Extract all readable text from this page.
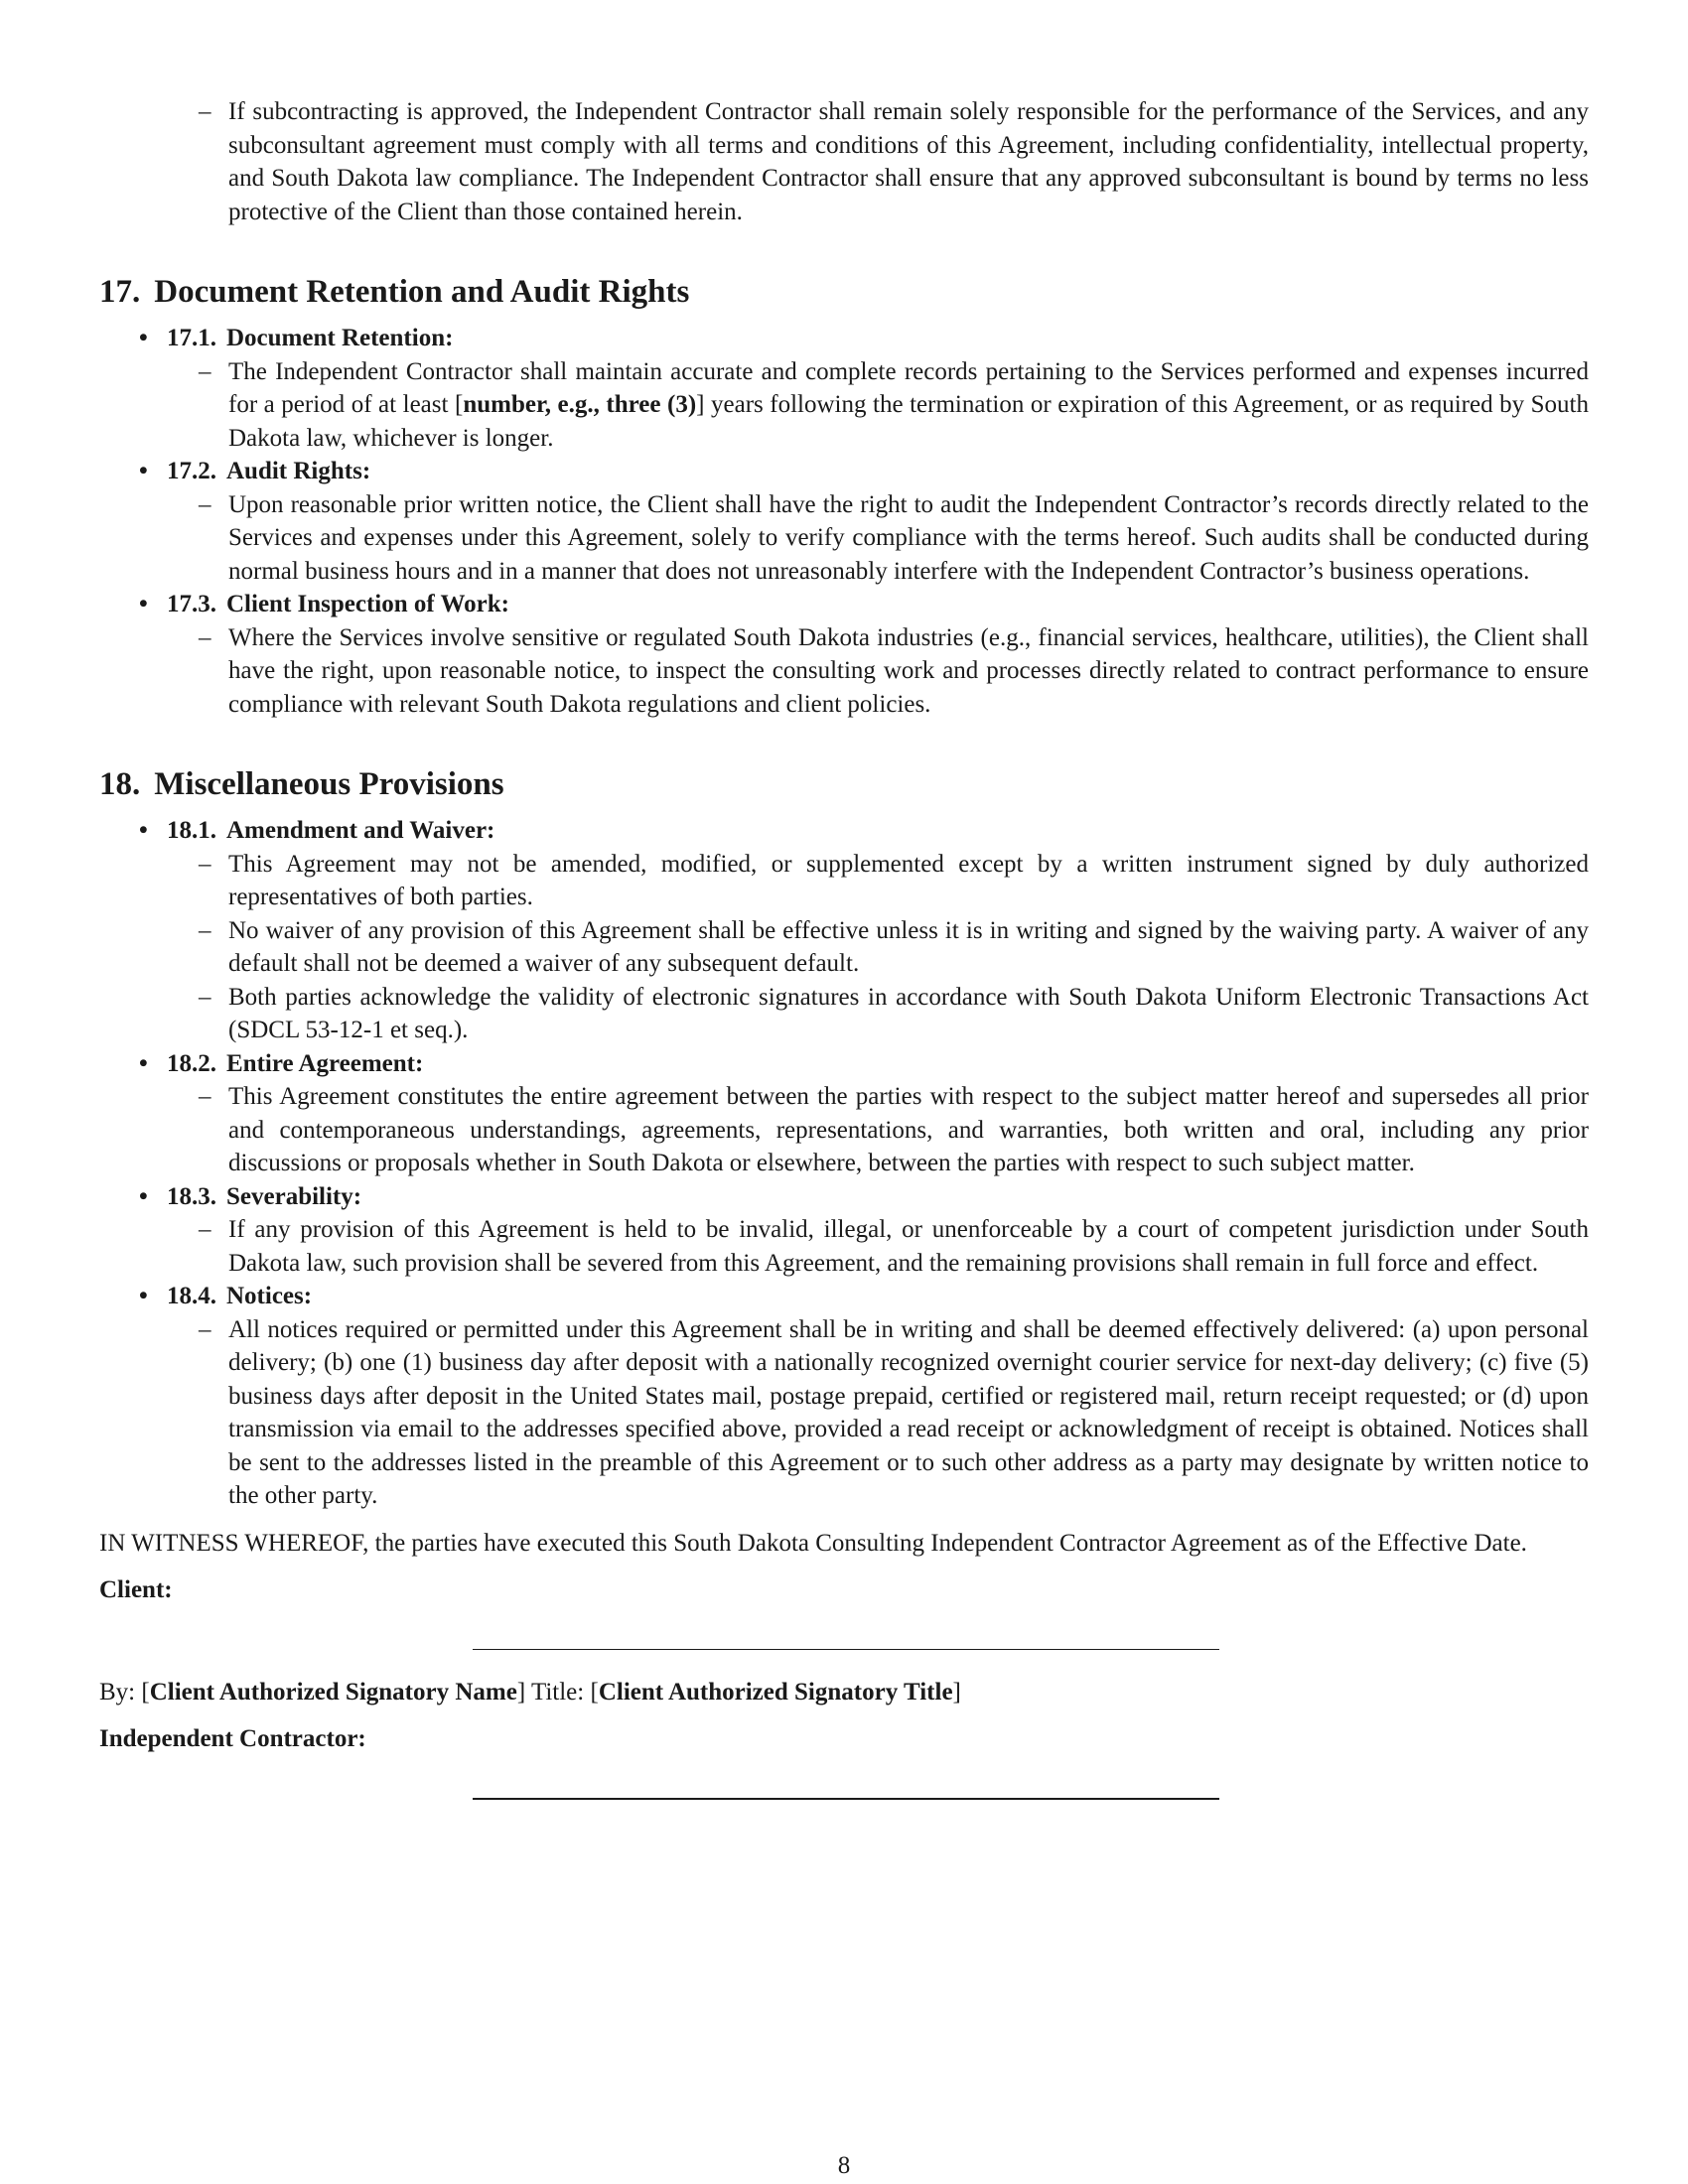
– If subcontracting is approved, the Independent Contractor shall remain solely responsible for the performance of the Services, and any subconsultant agreement must comply with all terms and conditions of this Agreement, including confidentiality, intellectual property, and South Dakota law compliance. The Independent Contractor shall ensure that any approved subconsultant is bound by terms no less protective of the Client than those contained herein.
17. Document Retention and Audit Rights
• 17.1. Document Retention:
– The Independent Contractor shall maintain accurate and complete records pertaining to the Services performed and expenses incurred for a period of at least [number, e.g., three (3)] years following the termination or expiration of this Agreement, or as required by South Dakota law, whichever is longer.
• 17.2. Audit Rights:
– Upon reasonable prior written notice, the Client shall have the right to audit the Independent Contractor’s records directly related to the Services and expenses under this Agreement, solely to verify compliance with the terms hereof. Such audits shall be conducted during normal business hours and in a manner that does not unreasonably interfere with the Independent Contractor’s business operations.
• 17.3. Client Inspection of Work:
– Where the Services involve sensitive or regulated South Dakota industries (e.g., financial services, healthcare, utilities), the Client shall have the right, upon reasonable notice, to inspect the consulting work and processes directly related to contract performance to ensure compliance with relevant South Dakota regulations and client policies.
18. Miscellaneous Provisions
• 18.1. Amendment and Waiver:
– This Agreement may not be amended, modified, or supplemented except by a written instrument signed by duly authorized representatives of both parties.
– No waiver of any provision of this Agreement shall be effective unless it is in writing and signed by the waiving party. A waiver of any default shall not be deemed a waiver of any subsequent default.
– Both parties acknowledge the validity of electronic signatures in accordance with South Dakota Uniform Electronic Transactions Act (SDCL 53-12-1 et seq.).
• 18.2. Entire Agreement:
– This Agreement constitutes the entire agreement between the parties with respect to the subject matter hereof and supersedes all prior and contemporaneous understandings, agreements, representations, and warranties, both written and oral, including any prior discussions or proposals whether in South Dakota or elsewhere, between the parties with respect to such subject matter.
• 18.3. Severability:
– If any provision of this Agreement is held to be invalid, illegal, or unenforceable by a court of competent jurisdiction under South Dakota law, such provision shall be severed from this Agreement, and the remaining provisions shall remain in full force and effect.
• 18.4. Notices:
– All notices required or permitted under this Agreement shall be in writing and shall be deemed effectively delivered: (a) upon personal delivery; (b) one (1) business day after deposit with a nationally recognized overnight courier service for next-day delivery; (c) five (5) business days after deposit in the United States mail, postage prepaid, certified or registered mail, return receipt requested; or (d) upon transmission via email to the addresses specified above, provided a read receipt or acknowledgment of receipt is obtained. Notices shall be sent to the addresses listed in the preamble of this Agreement or to such other address as a party may designate by written notice to the other party.
IN WITNESS WHEREOF, the parties have executed this South Dakota Consulting Independent Contractor Agreement as of the Effective Date.
Client:
By: [Client Authorized Signatory Name] Title: [Client Authorized Signatory Title]
Independent Contractor:
8
